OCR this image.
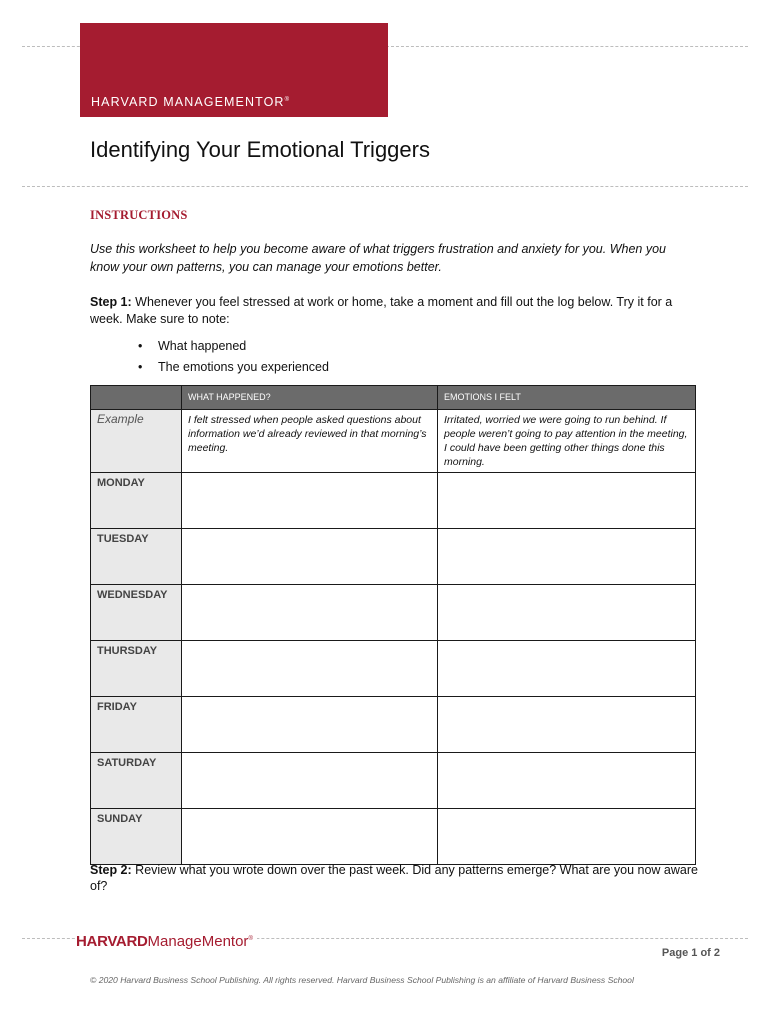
HARVARD MANAGEMENTOR®
Identifying Your Emotional Triggers
INSTRUCTIONS

Use this worksheet to help you become aware of what triggers frustration and anxiety for you. When you know your own patterns, you can manage your emotions better.

Step 1: Whenever you feel stressed at work or home, take a moment and fill out the log below. Try it for a week. Make sure to note:

• What happened
• The emotions you experienced
	WHAT HAPPENED?	EMOTIONS I FELT
Example	I felt stressed when people asked questions about information we’d already reviewed in that morning’s meeting.	Irritated, worried we were going to run behind. If people weren’t going to pay attention in the meeting, I could have been getting other things done this morning.
MONDAY		
TUESDAY		
WEDNESDAY		
THURSDAY		
FRIDAY		
SATURDAY		
SUNDAY		

Step 2: Review what you wrote down over the past week. Did any patterns emerge? What are you now aware of?

HARVARDManageMentor®
Page 1 of 2

© 2020 Harvard Business School Publishing. All rights reserved. Harvard Business School Publishing is an affiliate of Harvard Business School
